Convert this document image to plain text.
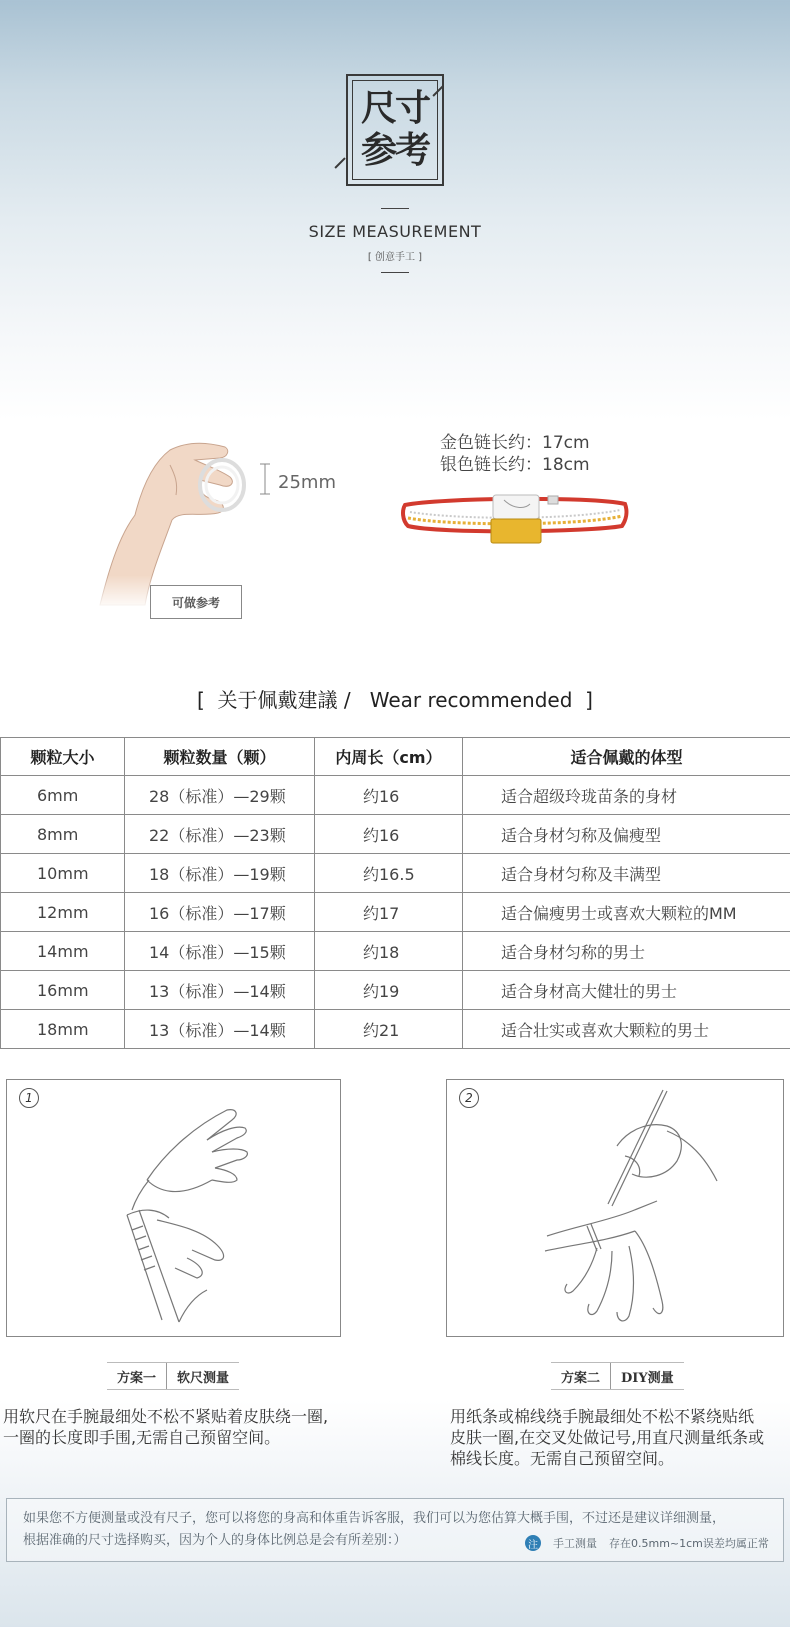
尺寸
参考
SIZE MEASUREMENT
[ 创意手工 ]
25mm
可做参考
金色链长约：17cm
银色链长约：18cm
[  关于佩戴建議 /   Wear recommended  ]
颗粒大小	颗粒数量（颗）	内周长（cm）	适合佩戴的体型
6mm	28（标准）—29颗	约16	适合超级玲珑苗条的身材
8mm	22（标准）—23颗	约16	适合身材匀称及偏瘦型
10mm	18（标准）—19颗	约16.5	适合身材匀称及丰满型
12mm	16（标准）—17颗	约17	适合偏瘦男士或喜欢大颗粒的MM
14mm	14（标准）—15颗	约18	适合身材匀称的男士
16mm	13（标准）—14颗	约19	适合身材高大健壮的男士
18mm	13（标准）—14颗	约21	适合壮实或喜欢大颗粒的男士
1	2
方案一	软尺测量	方案二	DIY测量
用软尺在手腕最细处不松不紧贴着皮肤绕一圈,
一圈的长度即手围,无需自己预留空间。
用纸条或棉线绕手腕最细处不松不紧绕贴纸
皮肤一圈,在交叉处做记号,用直尺测量纸条或
棉线长度。无需自己预留空间。
如果您不方便测量或没有尺子，您可以将您的身高和体重告诉客服，我们可以为您估算大概手围，不过还是建议详细测量，
根据准确的尺寸选择购买，因为个人的身体比例总是会有所差别：）	注 手工测量 存在0.5mm~1cm误差均属正常
